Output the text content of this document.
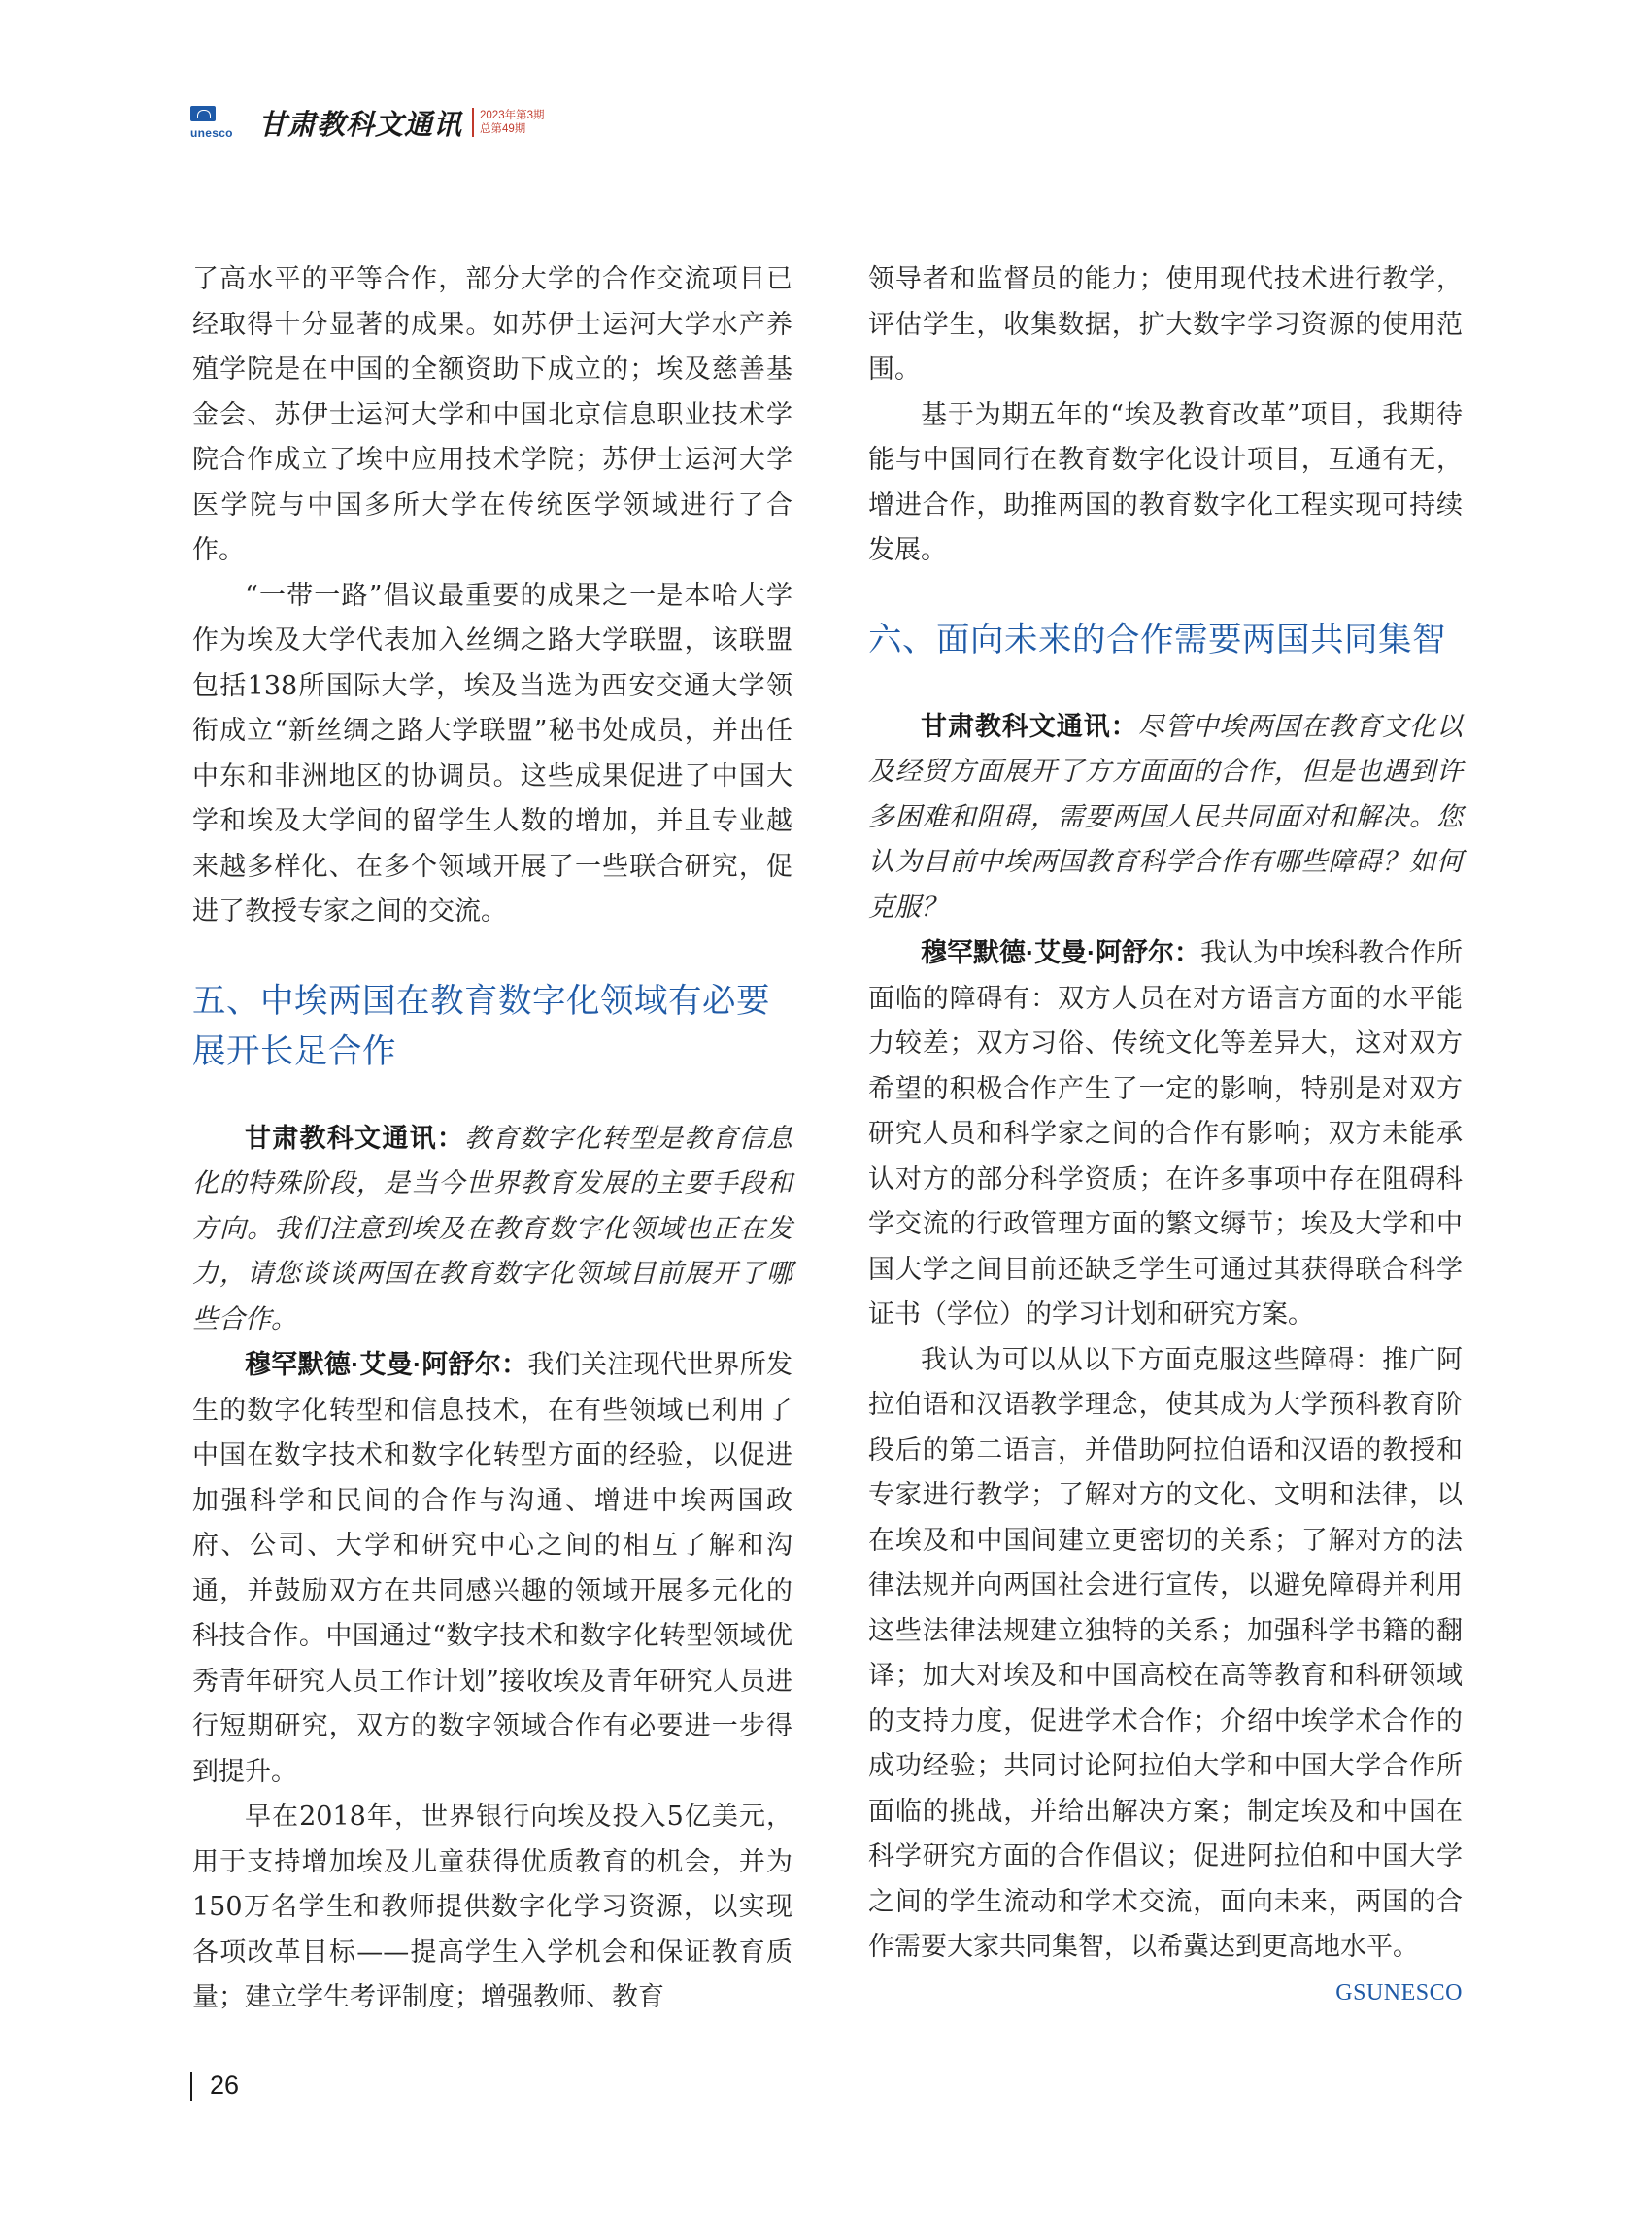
unesco 甘肃教科文通讯 2023年第3期
总第49期

了高水平的平等合作，部分大学的合作交流项目已经取得十分显著的成果。如苏伊士运河大学水产养殖学院是在中国的全额资助下成立的；埃及慈善基金会、苏伊士运河大学和中国北京信息职业技术学院合作成立了埃中应用技术学院；苏伊士运河大学医学院与中国多所大学在传统医学领域进行了合作。

“一带一路”倡议最重要的成果之一是本哈大学作为埃及大学代表加入丝绸之路大学联盟，该联盟包括138所国际大学，埃及当选为西安交通大学领衔成立“新丝绸之路大学联盟”秘书处成员，并出任中东和非洲地区的协调员。这些成果促进了中国大学和埃及大学间的留学生人数的增加，并且专业越来越多样化、在多个领域开展了一些联合研究，促进了教授专家之间的交流。

五、中埃两国在教育数字化领域有必要展开长足合作

甘肃教科文通讯：教育数字化转型是教育信息化的特殊阶段，是当今世界教育发展的主要手段和方向。我们注意到埃及在教育数字化领域也正在发力，请您谈谈两国在教育数字化领域目前展开了哪些合作。

穆罕默德·艾曼·阿舒尔：我们关注现代世界所发生的数字化转型和信息技术，在有些领域已利用了中国在数字技术和数字化转型方面的经验，以促进加强科学和民间的合作与沟通、增进中埃两国政府、公司、大学和研究中心之间的相互了解和沟通，并鼓励双方在共同感兴趣的领域开展多元化的科技合作。中国通过“数字技术和数字化转型领域优秀青年研究人员工作计划”接收埃及青年研究人员进行短期研究，双方的数字领域合作有必要进一步得到提升。

早在2018年，世界银行向埃及投入5亿美元，用于支持增加埃及儿童获得优质教育的机会，并为150万名学生和教师提供数字化学习资源，以实现各项改革目标——提高学生入学机会和保证教育质量；建立学生考评制度；增强教师、教育

领导者和监督员的能力；使用现代技术进行教学，评估学生，收集数据，扩大数字学习资源的使用范围。

基于为期五年的“埃及教育改革”项目，我期待能与中国同行在教育数字化设计项目，互通有无，增进合作，助推两国的教育数字化工程实现可持续发展。

六、面向未来的合作需要两国共同集智

甘肃教科文通讯：尽管中埃两国在教育文化以及经贸方面展开了方方面面的合作，但是也遇到许多困难和阻碍，需要两国人民共同面对和解决。您认为目前中埃两国教育科学合作有哪些障碍？如何克服？

穆罕默德·艾曼·阿舒尔：我认为中埃科教合作所面临的障碍有：双方人员在对方语言方面的水平能力较差；双方习俗、传统文化等差异大，这对双方希望的积极合作产生了一定的影响，特别是对双方研究人员和科学家之间的合作有影响；双方未能承认对方的部分科学资质；在许多事项中存在阻碍科学交流的行政管理方面的繁文缛节；埃及大学和中国大学之间目前还缺乏学生可通过其获得联合科学证书（学位）的学习计划和研究方案。

我认为可以从以下方面克服这些障碍：推广阿拉伯语和汉语教学理念，使其成为大学预科教育阶段后的第二语言，并借助阿拉伯语和汉语的教授和专家进行教学；了解对方的文化、文明和法律，以在埃及和中国间建立更密切的关系；了解对方的法律法规并向两国社会进行宣传，以避免障碍并利用这些法律法规建立独特的关系；加强科学书籍的翻译；加大对埃及和中国高校在高等教育和科研领域的支持力度，促进学术合作；介绍中埃学术合作的成功经验；共同讨论阿拉伯大学和中国大学合作所面临的挑战，并给出解决方案；制定埃及和中国在科学研究方面的合作倡议；促进阿拉伯和中国大学之间的学生流动和学术交流，面向未来，两国的合作需要大家共同集智，以希冀达到更高地水平。
GSUNESCO

26
